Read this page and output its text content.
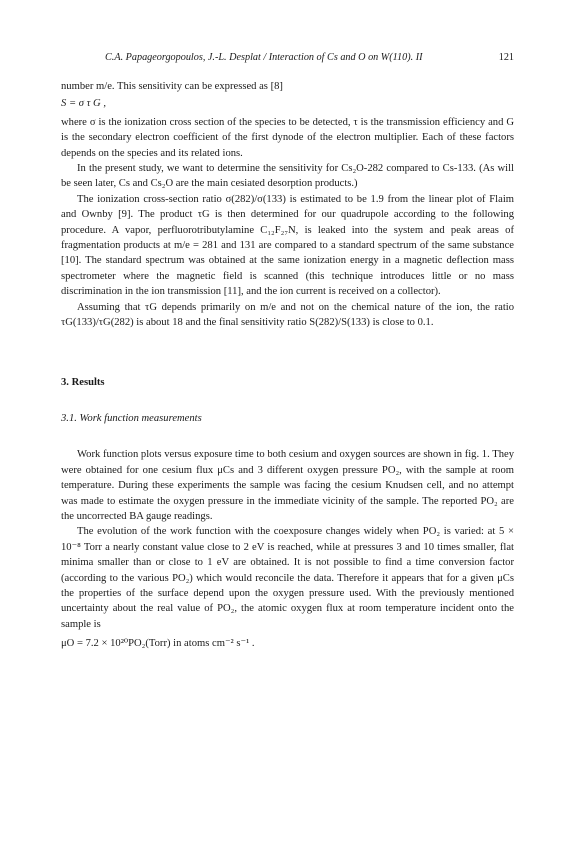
C.A. Papageorgopoulos, J.-L. Desplat / Interaction of Cs and O on W(110). II	121

number m/e. This sensitivity can be expressed as [8]

S = σ τ G ,

where σ is the ionization cross section of the species to be detected, τ is the transmission efficiency and G is the secondary electron coefficient of the first dynode of the electron multiplier. Each of these factors depends on the species and its related ions.

In the present study, we want to determine the sensitivity for Cs₂O-282 compared to Cs-133. (As will be seen later, Cs and Cs₂O are the main cesiated desorption products.)

The ionization cross-section ratio σ(282)/σ(133) is estimated to be 1.9 from the linear plot of Flaim and Ownby [9]. The product τG is then determined for our quadrupole according to the following procedure. A vapor, perfluorotributylamine C₁₂F₂₇N, is leaked into the system and peak areas of fragmentation products at m/e = 281 and 131 are compared to a standard spectrum of the same substance [10]. The standard spectrum was obtained at the same ionization energy in a magnetic deflection mass spectrometer where the magnetic field is scanned (this technique introduces little or no mass discrimination in the ion transmission [11], and the ion current is received on a collector).

Assuming that τG depends primarily on m/e and not on the chemical nature of the ion, the ratio τG(133)/τG(282) is about 18 and the final sensitivity ratio S(282)/S(133) is close to 0.1.

3. Results

3.1. Work function measurements

Work function plots versus exposure time to both cesium and oxygen sources are shown in fig. 1. They were obtained for one cesium flux μCs and 3 different oxygen pressure PO₂, with the sample at room temperature. During these experiments the sample was facing the cesium Knudsen cell, and no attempt was made to estimate the oxygen pressure in the immediate vicinity of the sample. The reported PO₂ are the uncorrected BA gauge readings.

The evolution of the work function with the coexposure changes widely when PO₂ is varied: at 5 × 10⁻⁸ Torr a nearly constant value close to 2 eV is reached, while at pressures 3 and 10 times smaller, flat minima smaller than or close to 1 eV are obtained. It is not possible to find a time conversion factor (according to the various PO₂) which would reconcile the data. Therefore it appears that for a given μCs the properties of the surface depend upon the oxygen pressure used. With the previously mentioned uncertainty about the real value of PO₂, the atomic oxygen flux at room temperature incident onto the sample is

μO = 7.2 × 10²⁰PO₂(Torr) in atoms cm⁻² s⁻¹ .
